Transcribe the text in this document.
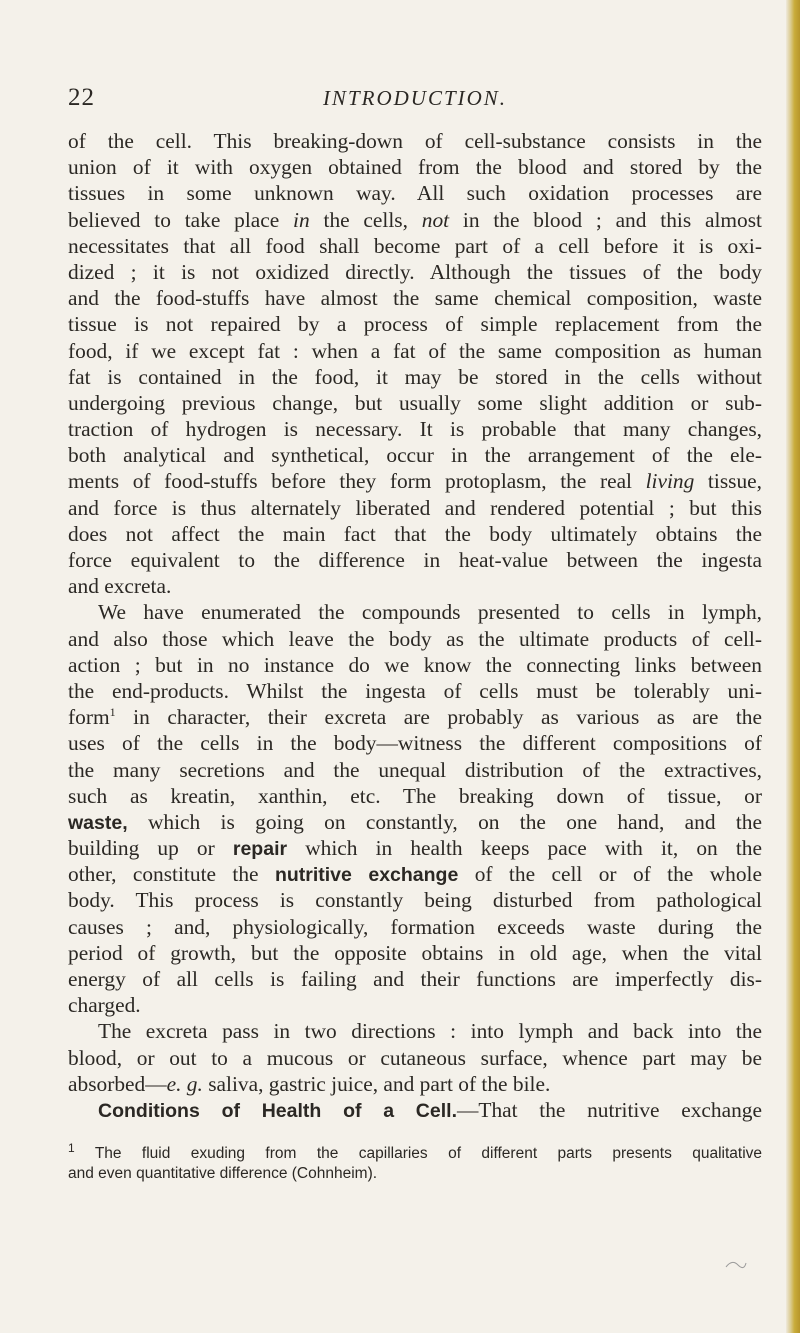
22	INTRODUCTION.
of the cell. This breaking-down of cell-substance consists in the
union of it with oxygen obtained from the blood and stored by the
tissues in some unknown way. All such oxidation processes are
believed to take place in the cells, not in the blood ; and this almost
necessitates that all food shall become part of a cell before it is oxi-
dized ; it is not oxidized directly. Although the tissues of the body
and the food-stuffs have almost the same chemical composition, waste
tissue is not repaired by a process of simple replacement from the
food, if we except fat : when a fat of the same composition as human
fat is contained in the food, it may be stored in the cells without
undergoing previous change, but usually some slight addition or sub-
traction of hydrogen is necessary. It is probable that many changes,
both analytical and synthetical, occur in the arrangement of the ele-
ments of food-stuffs before they form protoplasm, the real living tissue,
and force is thus alternately liberated and rendered potential ; but this
does not affect the main fact that the body ultimately obtains the
force equivalent to the difference in heat-value between the ingesta
and excreta.
We have enumerated the compounds presented to cells in lymph,
and also those which leave the body as the ultimate products of cell-
action ; but in no instance do we know the connecting links between
the end-products. Whilst the ingesta of cells must be tolerably uni-
form$^1$ in character, their excreta are probably as various as are the
uses of the cells in the body—witness the different compositions of
the many secretions and the unequal distribution of the extractives,
such as kreatin, xanthin, etc. The breaking down of tissue, or
waste, which is going on constantly, on the one hand, and the
building up or repair which in health keeps pace with it, on the
other, constitute the nutritive exchange of the cell or of the whole
body. This process is constantly being disturbed from pathological
causes ; and, physiologically, formation exceeds waste during the
period of growth, but the opposite obtains in old age, when the vital
energy of all cells is failing and their functions are imperfectly dis-
charged.
The excreta pass in two directions : into lymph and back into the
blood, or out to a mucous or cutaneous surface, whence part may be
absorbed—e. g. saliva, gastric juice, and part of the bile.
Conditions of Health of a Cell.—That the nutritive exchange
$^1$ The fluid exuding from the capillaries of different parts presents qualitative
and even quantitative difference (Cohnheim).
